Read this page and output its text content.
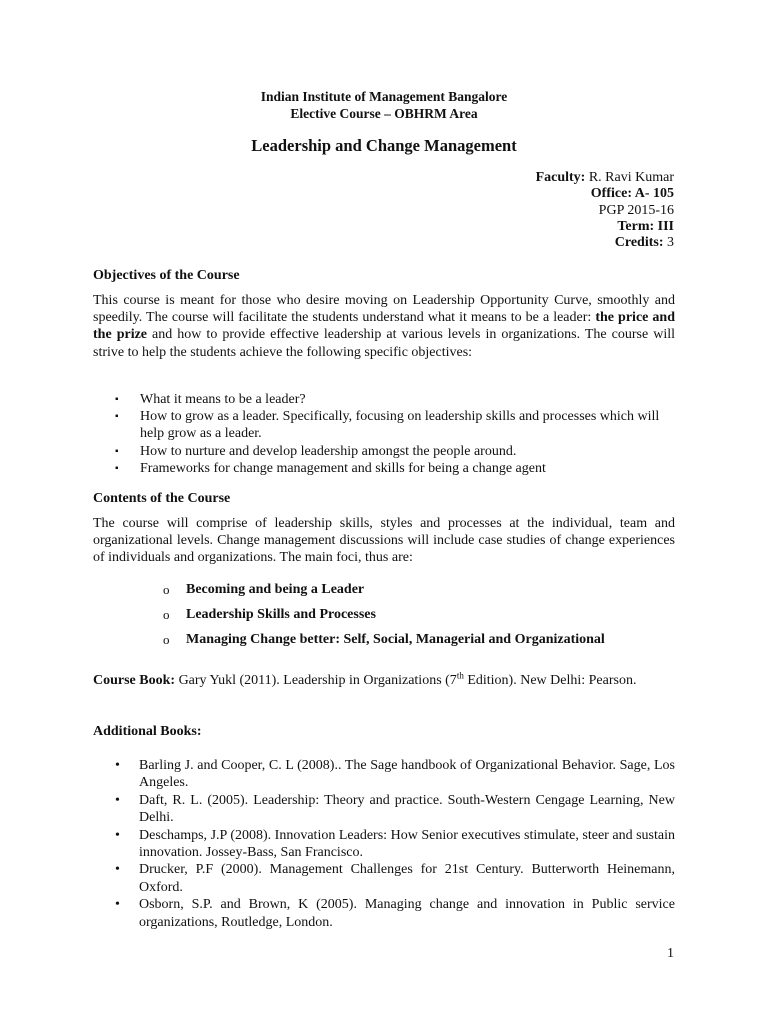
Indian Institute of Management Bangalore
Elective Course – OBHRM Area
Leadership and Change Management
Faculty: R. Ravi Kumar
Office: A- 105
PGP 2015-16
Term: III
Credits: 3
Objectives of the Course
This course is meant for those who desire moving on Leadership Opportunity Curve, smoothly and speedily. The course will facilitate the students understand what it means to be a leader: the price and the prize and how to provide effective leadership at various levels in organizations. The course will strive to help the students achieve the following specific objectives:
▪ What it means to be a leader?
▪ How to grow as a leader. Specifically, focusing on leadership skills and processes which will help grow as a leader.
▪ How to nurture and develop leadership amongst the people around.
▪ Frameworks for change management and skills for being a change agent
Contents of the Course
The course will comprise of leadership skills, styles and processes at the individual, team and organizational levels. Change management discussions will include case studies of change experiences of individuals and organizations. The main foci, thus are:
o Becoming and being a Leader
o Leadership Skills and Processes
o Managing Change better: Self, Social, Managerial and Organizational
Course Book: Gary Yukl (2011). Leadership in Organizations (7th Edition). New Delhi: Pearson.
Additional Books:
• Barling J. and Cooper, C. L (2008).. The Sage handbook of Organizational Behavior. Sage, Los Angeles.
• Daft, R. L. (2005). Leadership: Theory and practice. South-Western Cengage Learning, New Delhi.
• Deschamps, J.P (2008). Innovation Leaders: How Senior executives stimulate, steer and sustain innovation. Jossey-Bass, San Francisco.
• Drucker, P.F (2000). Management Challenges for 21st Century. Butterworth Heinemann, Oxford.
• Osborn, S.P. and Brown, K (2005). Managing change and innovation in Public service organizations, Routledge, London.
1
